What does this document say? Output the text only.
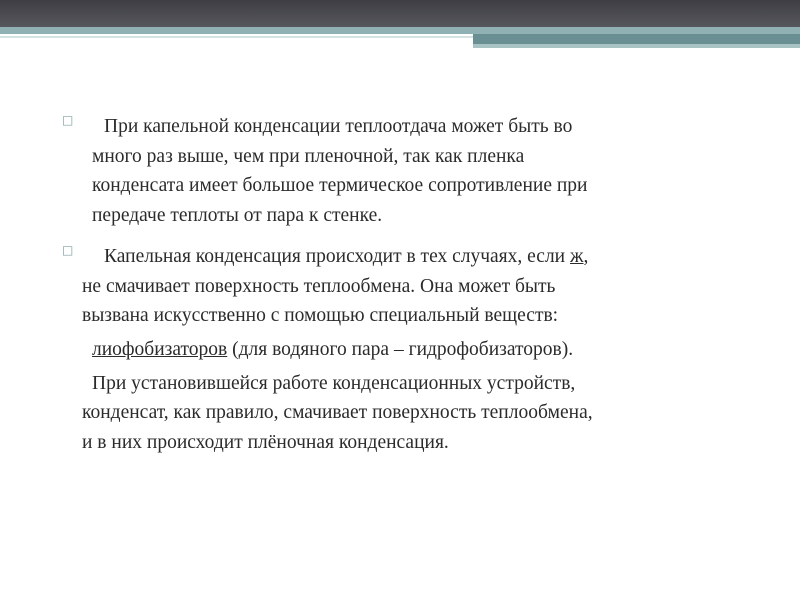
□	При капельной конденсации теплоотдача может быть во
много раз выше, чем при пленочной, так как пленка
конденсата имеет большое термическое сопротивление при
передаче теплоты от пара к стенке.
□	Капельная конденсация происходит в тех случаях, если ж,
не смачивает поверхность теплообмена. Она может быть
вызвана искусственно с помощью специальный веществ:
лиофобизаторов (для водяного пара – гидрофобизаторов).
При установившейся работе конденсационных устройств,
конденсат, как правило, смачивает поверхность теплообмена,
и в них происходит плёночная конденсация.
